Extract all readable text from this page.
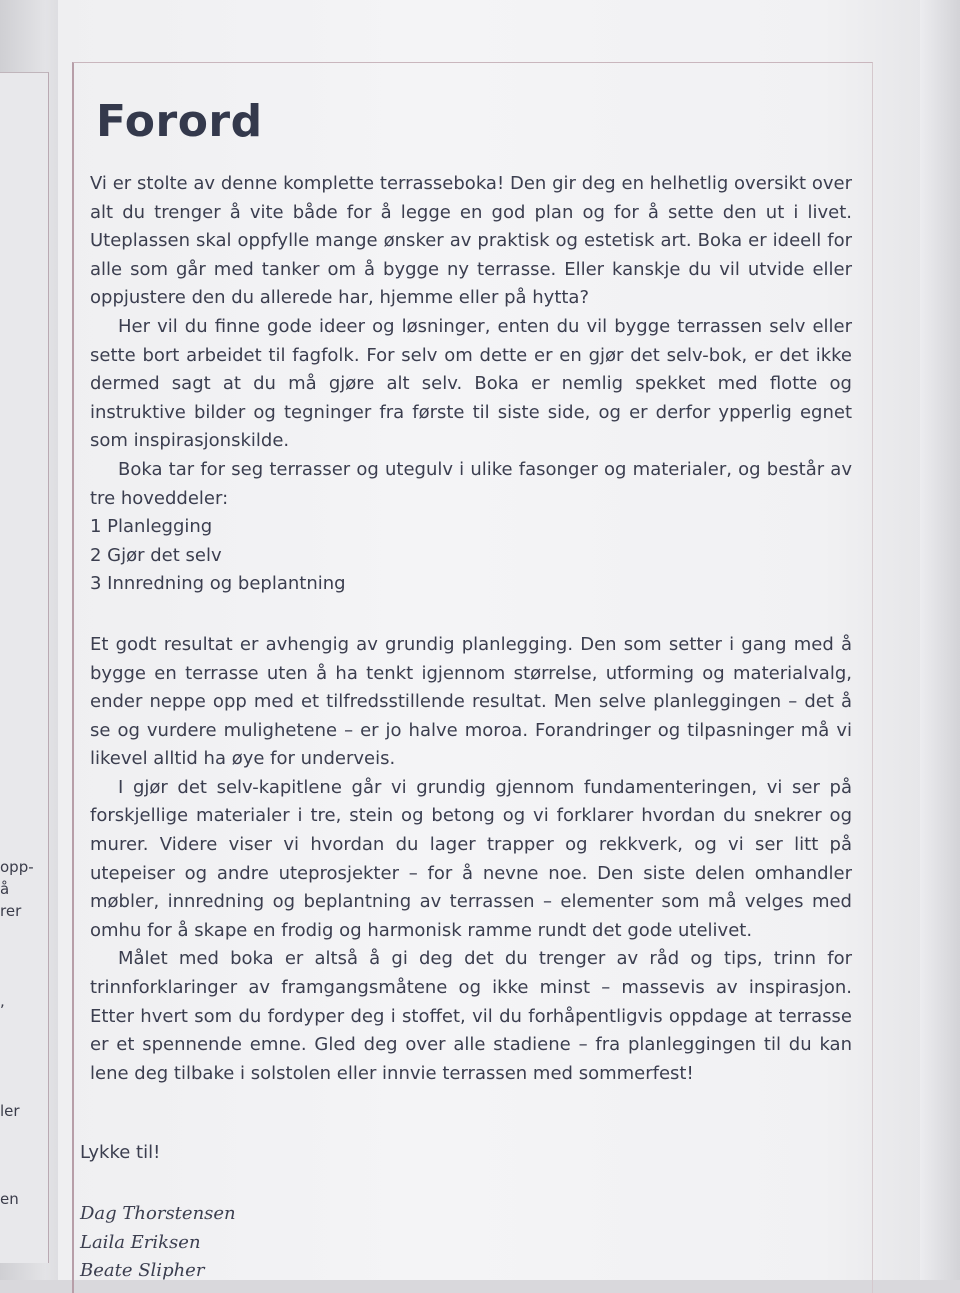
opp-
å
rer
,
ler
en
Forord

Vi er stolte av denne komplette terrasseboka! Den gir deg en helhetlig oversikt over alt du trenger å vite både for å legge en god plan og for å sette den ut i livet. Uteplassen skal oppfylle mange ønsker av praktisk og estetisk art. Boka er ideell for alle som går med tanker om å bygge ny terrasse. Eller kanskje du vil utvide eller oppjustere den du allerede har, hjemme eller på hytta?

Her vil du finne gode ideer og løsninger, enten du vil bygge terrassen selv eller sette bort arbeidet til fagfolk. For selv om dette er en gjør det selv-bok, er det ikke dermed sagt at du må gjøre alt selv. Boka er nemlig spekket med flotte og instruktive bilder og tegninger fra første til siste side, og er derfor ypperlig egnet som inspirasjonskilde.

Boka tar for seg terrasser og utegulv i ulike fasonger og materialer, og består av tre hoveddeler:

1 Planlegging
2 Gjør det selv
3 Innredning og beplantning

Et godt resultat er avhengig av grundig planlegging. Den som setter i gang med å bygge en terrasse uten å ha tenkt igjennom størrelse, utforming og materialvalg, ender neppe opp med et tilfredsstillende resultat. Men selve planleggingen – det å se og vurdere mulighetene – er jo halve moroa. Forandringer og tilpasninger må vi likevel alltid ha øye for underveis.

I gjør det selv-kapitlene går vi grundig gjennom fundamenteringen, vi ser på forskjellige materialer i tre, stein og betong og vi forklarer hvordan du snekrer og murer. Videre viser vi hvordan du lager trapper og rekkverk, og vi ser litt på utepeiser og andre uteprosjekter – for å nevne noe. Den siste delen omhandler møbler, innredning og beplantning av terrassen – elementer som må velges med omhu for å skape en frodig og harmonisk ramme rundt det gode utelivet.

Målet med boka er altså å gi deg det du trenger av råd og tips, trinn for trinnforklaringer av framgangsmåtene og ikke minst – massevis av inspirasjon. Etter hvert som du fordyper deg i stoffet, vil du forhåpentligvis oppdage at terrasse er et spennende emne. Gled deg over alle stadiene – fra planleggingen til du kan lene deg tilbake i solstolen eller innvie terrassen med sommerfest!

Lykke til!
Dag Thorstensen
Laila Eriksen
Beate Slipher
